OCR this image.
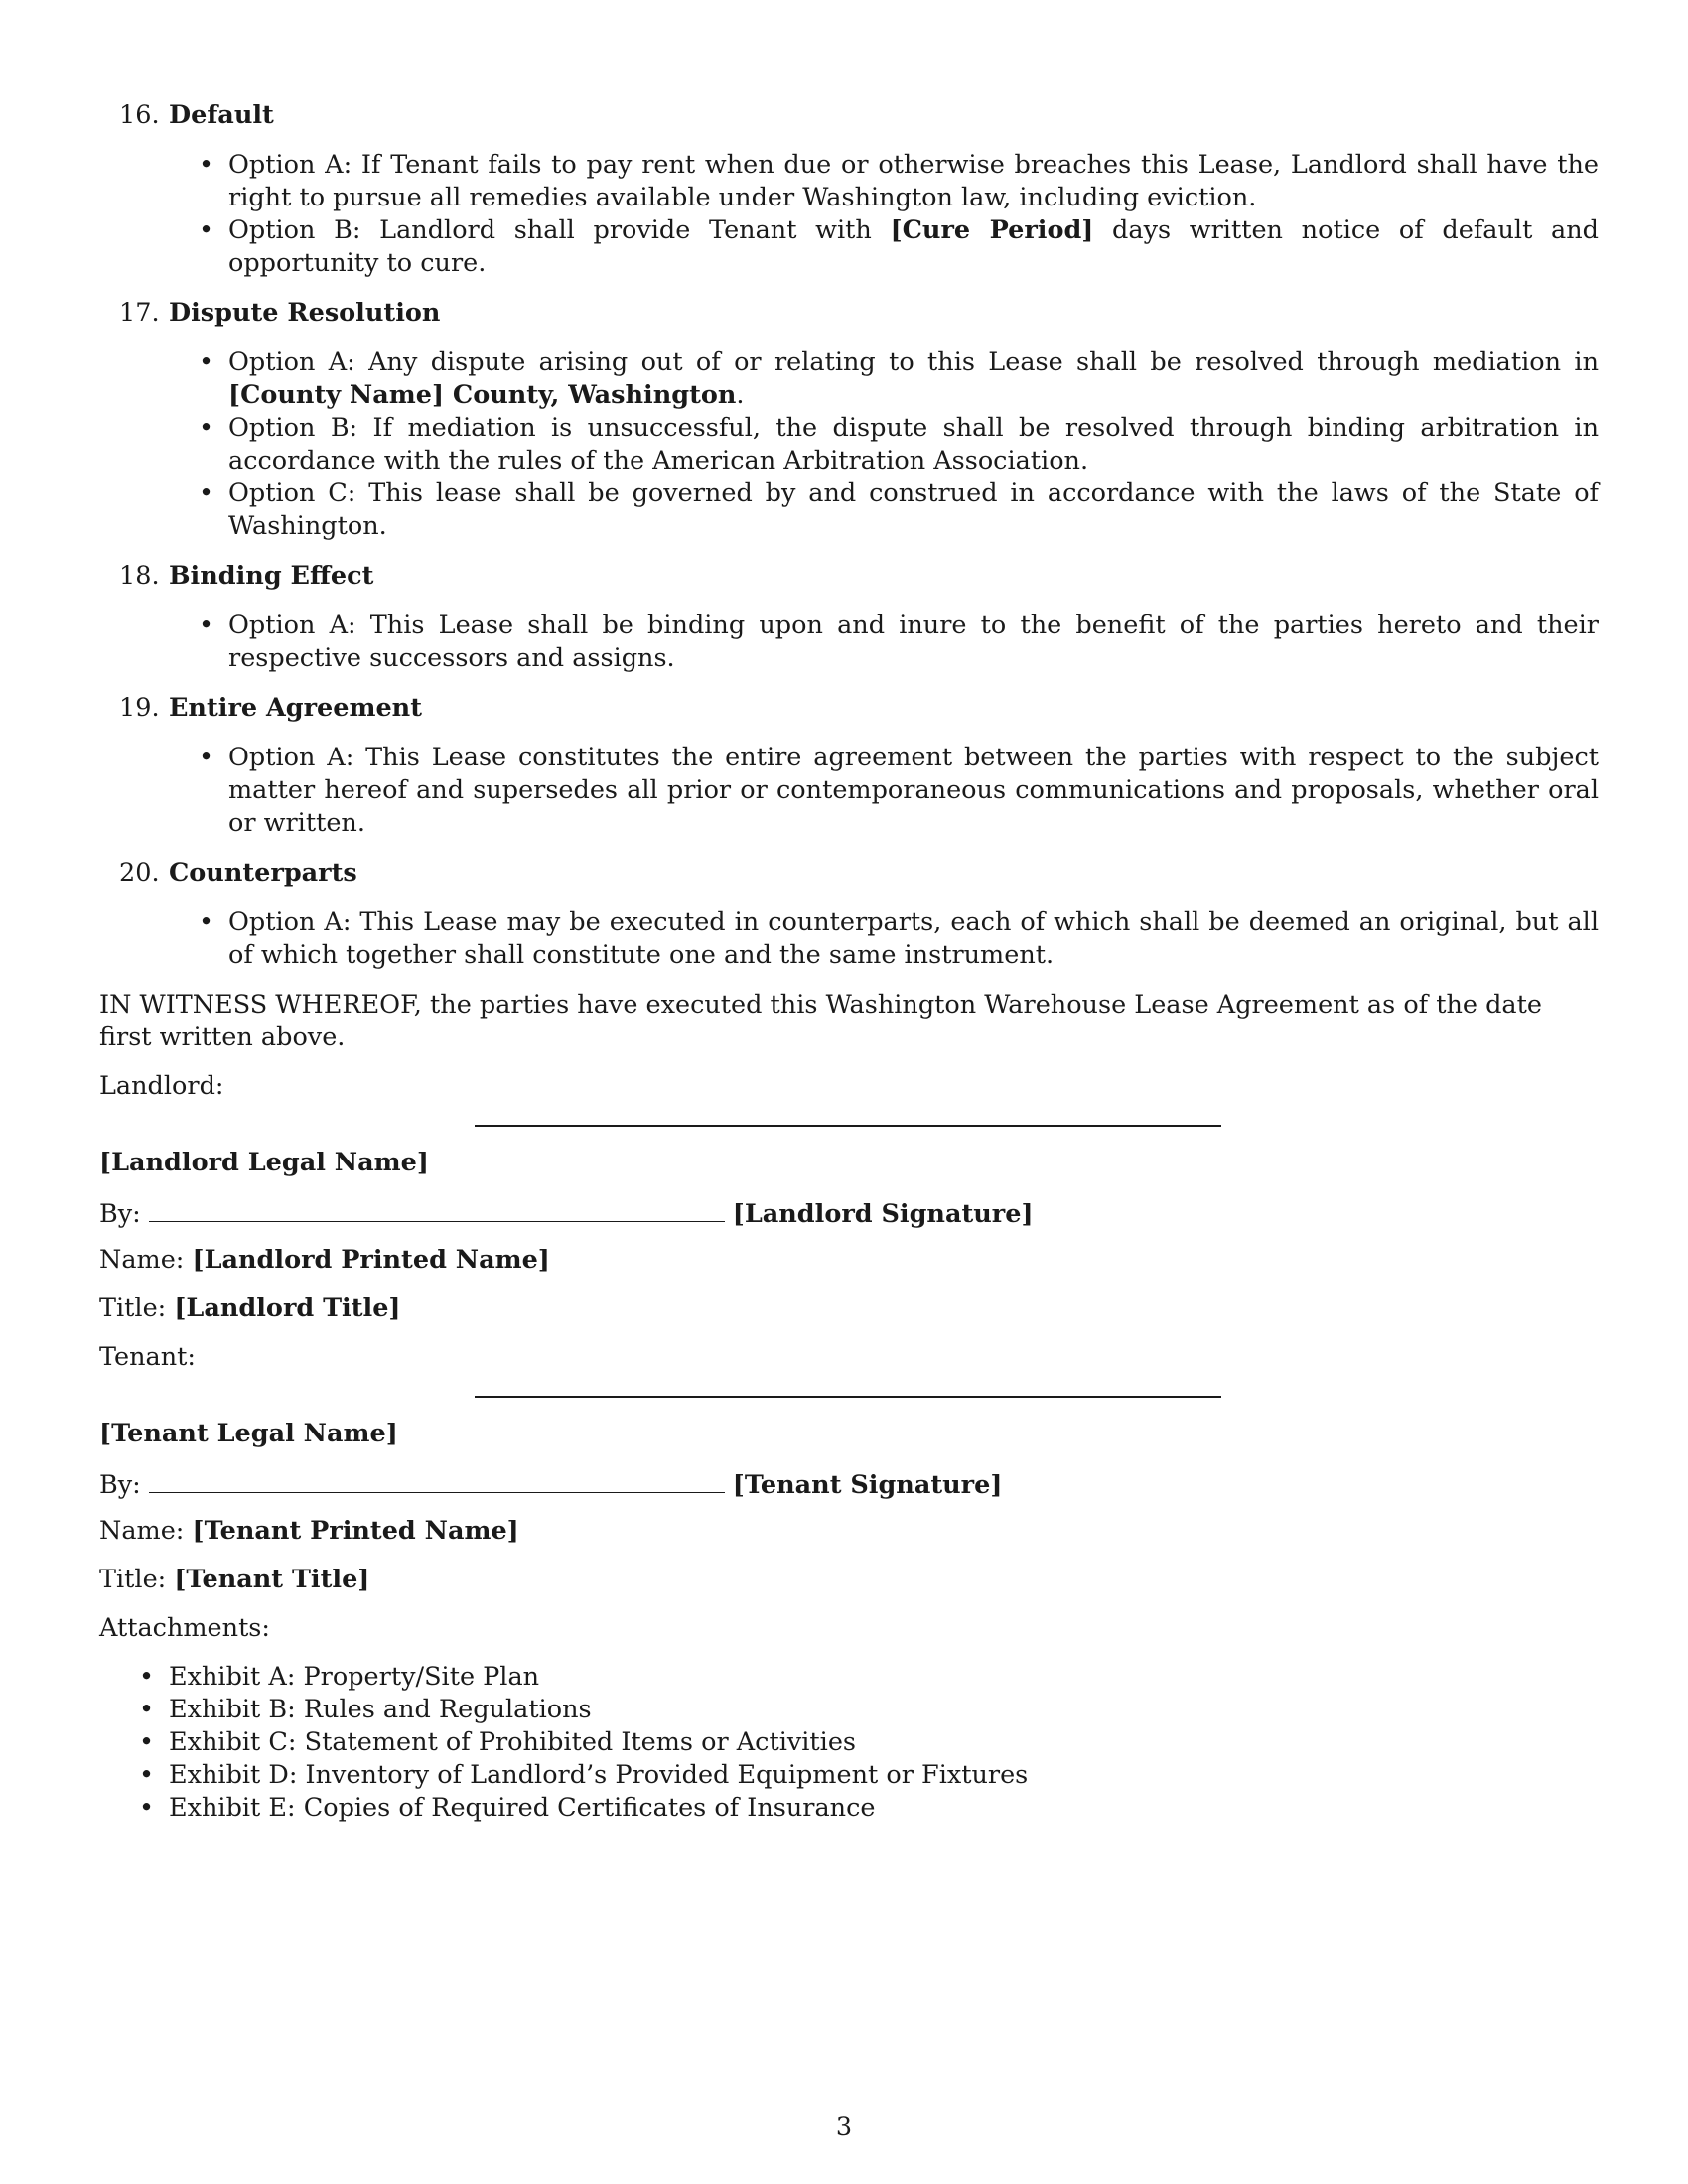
16. Default
• Option A: If Tenant fails to pay rent when due or otherwise breaches this Lease, Landlord shall have the right to pursue all remedies available under Washington law, including eviction.
• Option B: Landlord shall provide Tenant with [Cure Period] days written notice of default and opportunity to cure.
17. Dispute Resolution
• Option A: Any dispute arising out of or relating to this Lease shall be resolved through mediation in [County Name] County, Washington.
• Option B: If mediation is unsuccessful, the dispute shall be resolved through binding arbitration in accordance with the rules of the American Arbitration Association.
• Option C: This lease shall be governed by and construed in accordance with the laws of the State of Washington.
18. Binding Effect
• Option A: This Lease shall be binding upon and inure to the benefit of the parties hereto and their respective successors and assigns.
19. Entire Agreement
• Option A: This Lease constitutes the entire agreement between the parties with respect to the subject matter hereof and supersedes all prior or contemporaneous communications and proposals, whether oral or written.
20. Counterparts
• Option A: This Lease may be executed in counterparts, each of which shall be deemed an original, but all of which together shall constitute one and the same instrument.

IN WITNESS WHEREOF, the parties have executed this Washington Warehouse Lease Agreement as of the date first written above.

Landlord:
[Landlord Legal Name]
By:	[Landlord Signature]
Name: [Landlord Printed Name]
Title: [Landlord Title]
Tenant:
[Tenant Legal Name]
By:	[Tenant Signature]
Name: [Tenant Printed Name]
Title: [Tenant Title]
Attachments:
• Exhibit A: Property/Site Plan
• Exhibit B: Rules and Regulations
• Exhibit C: Statement of Prohibited Items or Activities
• Exhibit D: Inventory of Landlord’s Provided Equipment or Fixtures
• Exhibit E: Copies of Required Certificates of Insurance
3
